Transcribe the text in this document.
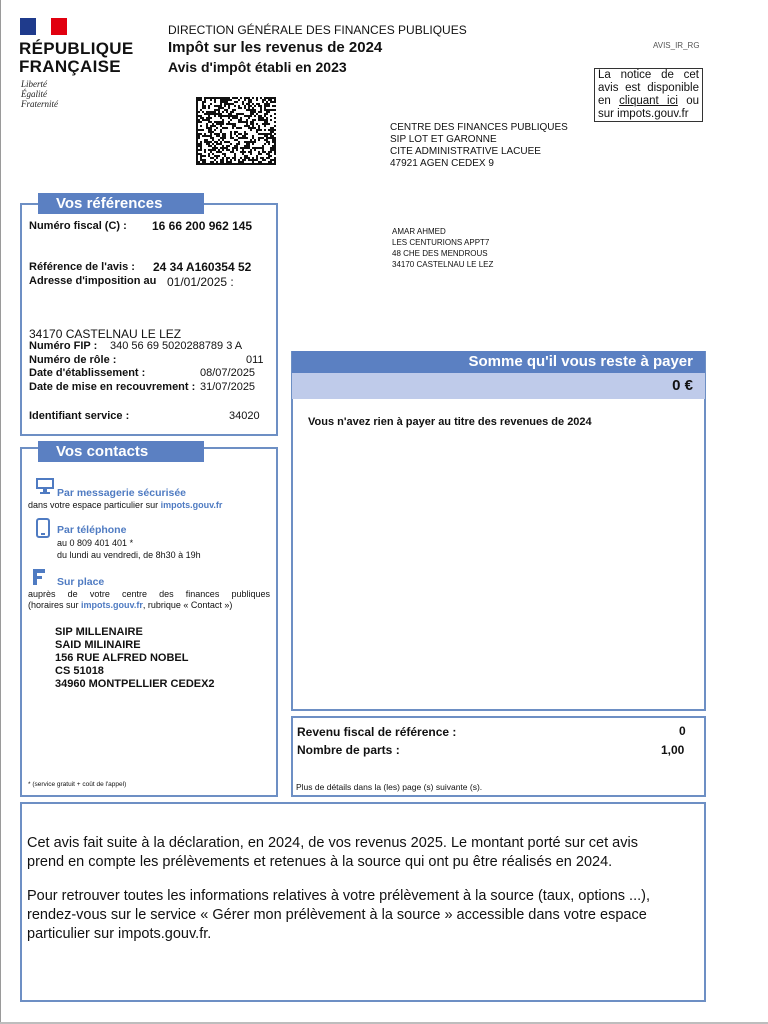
RÉPUBLIQUE
FRANÇAISE
Liberté
Égalité
Fraternité
DIRECTION GÉNÉRALE DES FINANCES PUBLIQUES
Impôt sur les revenus de 2024
Avis d'impôt établi en 2023
AVIS_IR_RG
La notice de cet avis est disponible en cliquant ici ou sur impots.gouv.fr
CENTRE DES FINANCES PUBLIQUES
SIP LOT ET GARONNE
CITE ADMINISTRATIVE LACUEE
47921 AGEN CEDEX 9
AMAR AHMED
LES CENTURIONS APPT7
48 CHE DES MENDROUS
34170 CASTELNAU LE LEZ
Vos références
Numéro fiscal (C) : 16 66 200 962 145
Référence de l'avis : 24 34 A160354 52
Adresse d'imposition au 01/01/2025 :
34170 CASTELNAU LE LEZ
Numéro FIP : 340 56 69 5020288789 3 A
Numéro de rôle :	011
Date d'établissement :	08/07/2025
Date de mise en recouvrement : 31/07/2025
Identifiant service :	34020
Vos contacts
Par messagerie sécurisée
dans votre espace particulier sur impots.gouv.fr
Par téléphone
au 0 809 401 401 *
du lundi au vendredi, de 8h30 à 19h
Sur place
auprès de votre centre des finances publiques
(horaires sur impots.gouv.fr, rubrique « Contact »)
SIP MILLENAIRE
SAID MILINAIRE
156 RUE ALFRED NOBEL
CS 51018
34960 MONTPELLIER CEDEX2
* (service gratuit + coût de l'appel)
Somme qu'il vous reste à payer
0 €
Vous n'avez rien à payer au titre des revenues de 2024
Revenu fiscal de référence :	0
Nombre de parts :	1,00
Plus de détails dans la (les) page (s) suivante (s).
Cet avis fait suite à la déclaration, en 2024, de vos revenus 2025. Le montant porté sur cet avis
prend en compte les prélèvements et retenues à la source qui ont pu être réalisés en 2024.
Pour retrouver toutes les informations relatives à votre prélèvement à la source (taux, options ...),
rendez-vous sur le service « Gérer mon prélèvement à la source » accessible dans votre espace
particulier sur impots.gouv.fr.
